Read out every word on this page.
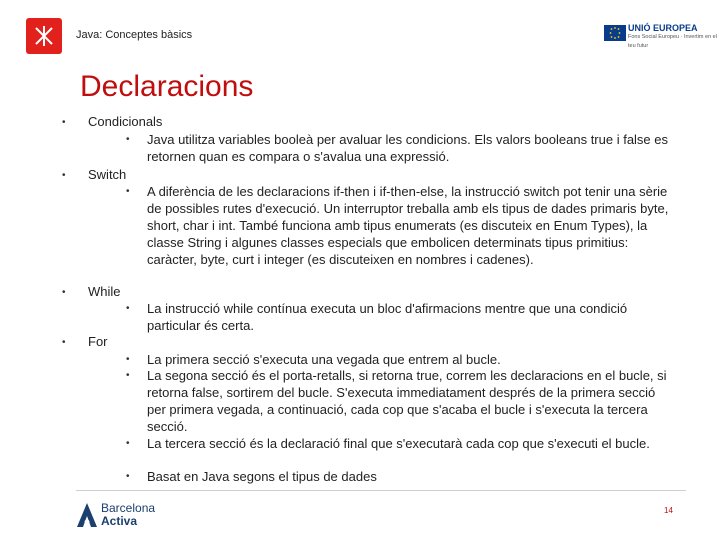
Java: Conceptes bàsics
UNIÓ EUROPEA
Fons Social Europeu · Invertim en el teu futur
Declaracions
• Condicionals
• Java utilitza variables booleà per avaluar les condicions. Els valors booleans true i false es retornen quan es compara o s'avalua una expressió.
• Switch
• A diferència de les declaracions if-then i if-then-else, la instrucció switch pot tenir una sèrie de possibles rutes d'execució. Un interruptor treballa amb els tipus de dades primaris byte, short, char i int. També funciona amb tipus enumerats (es discuteix en Enum Types), la classe String i algunes classes especials que embolicen determinats tipus primitius: caràcter, byte, curt i integer (es discuteixen en nombres i cadenes).
• While
• La instrucció while contínua executa un bloc d'afirmacions mentre que una condició particular és certa.
• For
• La primera secció s'executa una vegada que entrem al bucle.
• La segona secció és el porta-retalls, si retorna true, correm les declaracions en el bucle, si retorna false, sortirem del bucle. S'executa immediatament després de la primera secció per primera vegada, a continuació, cada cop que s'acaba el bucle i s'executa la tercera secció.
• La tercera secció és la declaració final que s'executarà cada cop que s'executi el bucle.
• Basat en Java segons el tipus de dades
Barcelona
Activa
14
